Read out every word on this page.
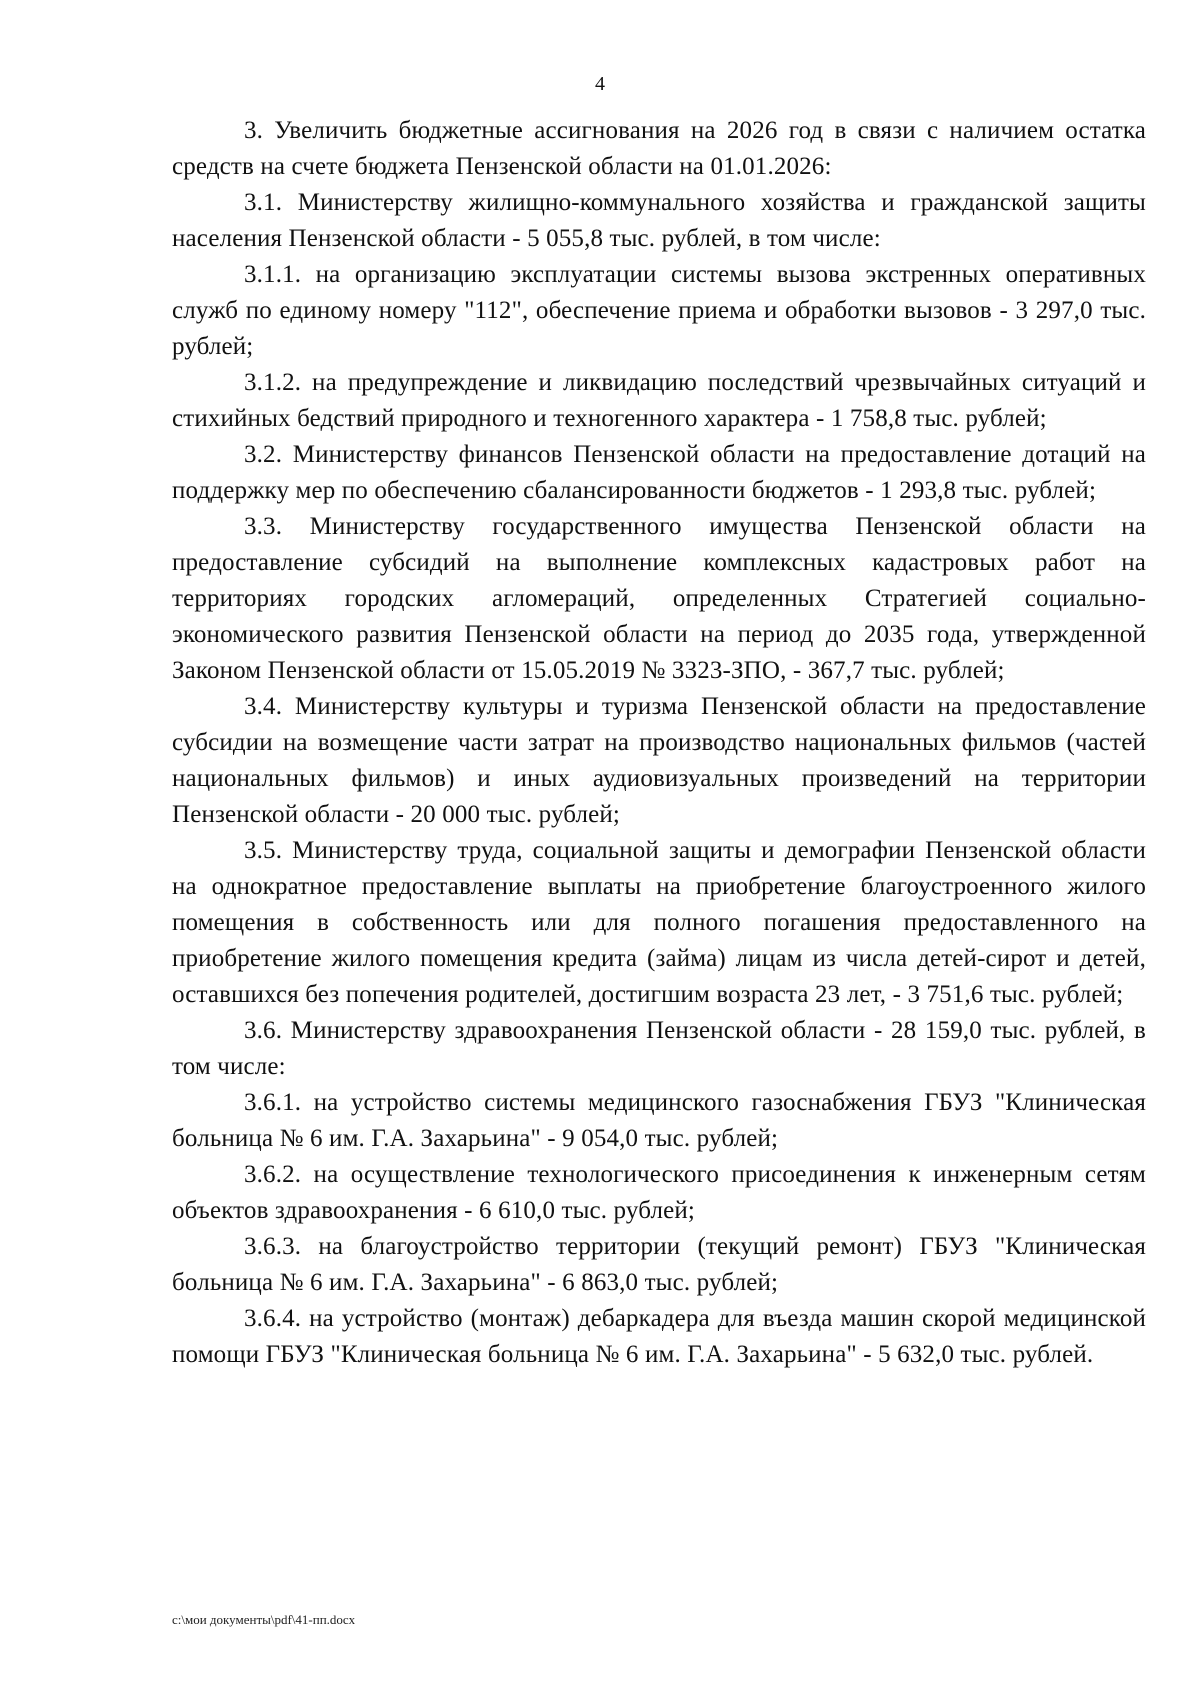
4

3. Увеличить бюджетные ассигнования на 2026 год в связи с наличием остатка средств на счете бюджета Пензенской области на 01.01.2026:

3.1. Министерству жилищно-коммунального хозяйства и гражданской защиты населения Пензенской области - 5 055,8 тыс. рублей, в том числе:

3.1.1. на организацию эксплуатации системы вызова экстренных оперативных служб по единому номеру "112", обеспечение приема и обработки вызовов - 3 297,0 тыс. рублей;

3.1.2. на предупреждение и ликвидацию последствий чрезвычайных ситуаций и стихийных бедствий природного и техногенного характера - 1 758,8 тыс. рублей;

3.2. Министерству финансов Пензенской области на предоставление дотаций на поддержку мер по обеспечению сбалансированности бюджетов - 1 293,8 тыс. рублей;

3.3. Министерству государственного имущества Пензенской области на предоставление субсидий на выполнение комплексных кадастровых работ на территориях городских агломераций, определенных Стратегией социально-экономического развития Пензенской области на период до 2035 года, утвержденной Законом Пензенской области от 15.05.2019 № 3323-ЗПО, - 367,7 тыс. рублей;

3.4. Министерству культуры и туризма Пензенской области на предоставление субсидии на возмещение части затрат на производство национальных фильмов (частей национальных фильмов) и иных аудиовизуальных произведений на территории Пензенской области - 20 000 тыс. рублей;

3.5. Министерству труда, социальной защиты и демографии Пензенской области на однократное предоставление выплаты на приобретение благоустроенного жилого помещения в собственность или для полного погашения предоставленного на приобретение жилого помещения кредита (займа) лицам из числа детей-сирот и детей, оставшихся без попечения родителей, достигшим возраста 23 лет, - 3 751,6 тыс. рублей;

3.6. Министерству здравоохранения Пензенской области - 28 159,0 тыс. рублей, в том числе:

3.6.1. на устройство системы медицинского газоснабжения ГБУЗ "Клиническая больница № 6 им. Г.А. Захарьина" - 9 054,0 тыс. рублей;

3.6.2. на осуществление технологического присоединения к инженерным сетям объектов здравоохранения - 6 610,0 тыс. рублей;

3.6.3. на благоустройство территории (текущий ремонт) ГБУЗ "Клиническая больница № 6 им. Г.А. Захарьина" - 6 863,0 тыс. рублей;

3.6.4. на устройство (монтаж) дебаркадера для въезда машин скорой медицинской помощи ГБУЗ "Клиническая больница № 6 им. Г.А. Захарьина" - 5 632,0 тыс. рублей.

c:\мои документы\pdf\41-пп.docx
